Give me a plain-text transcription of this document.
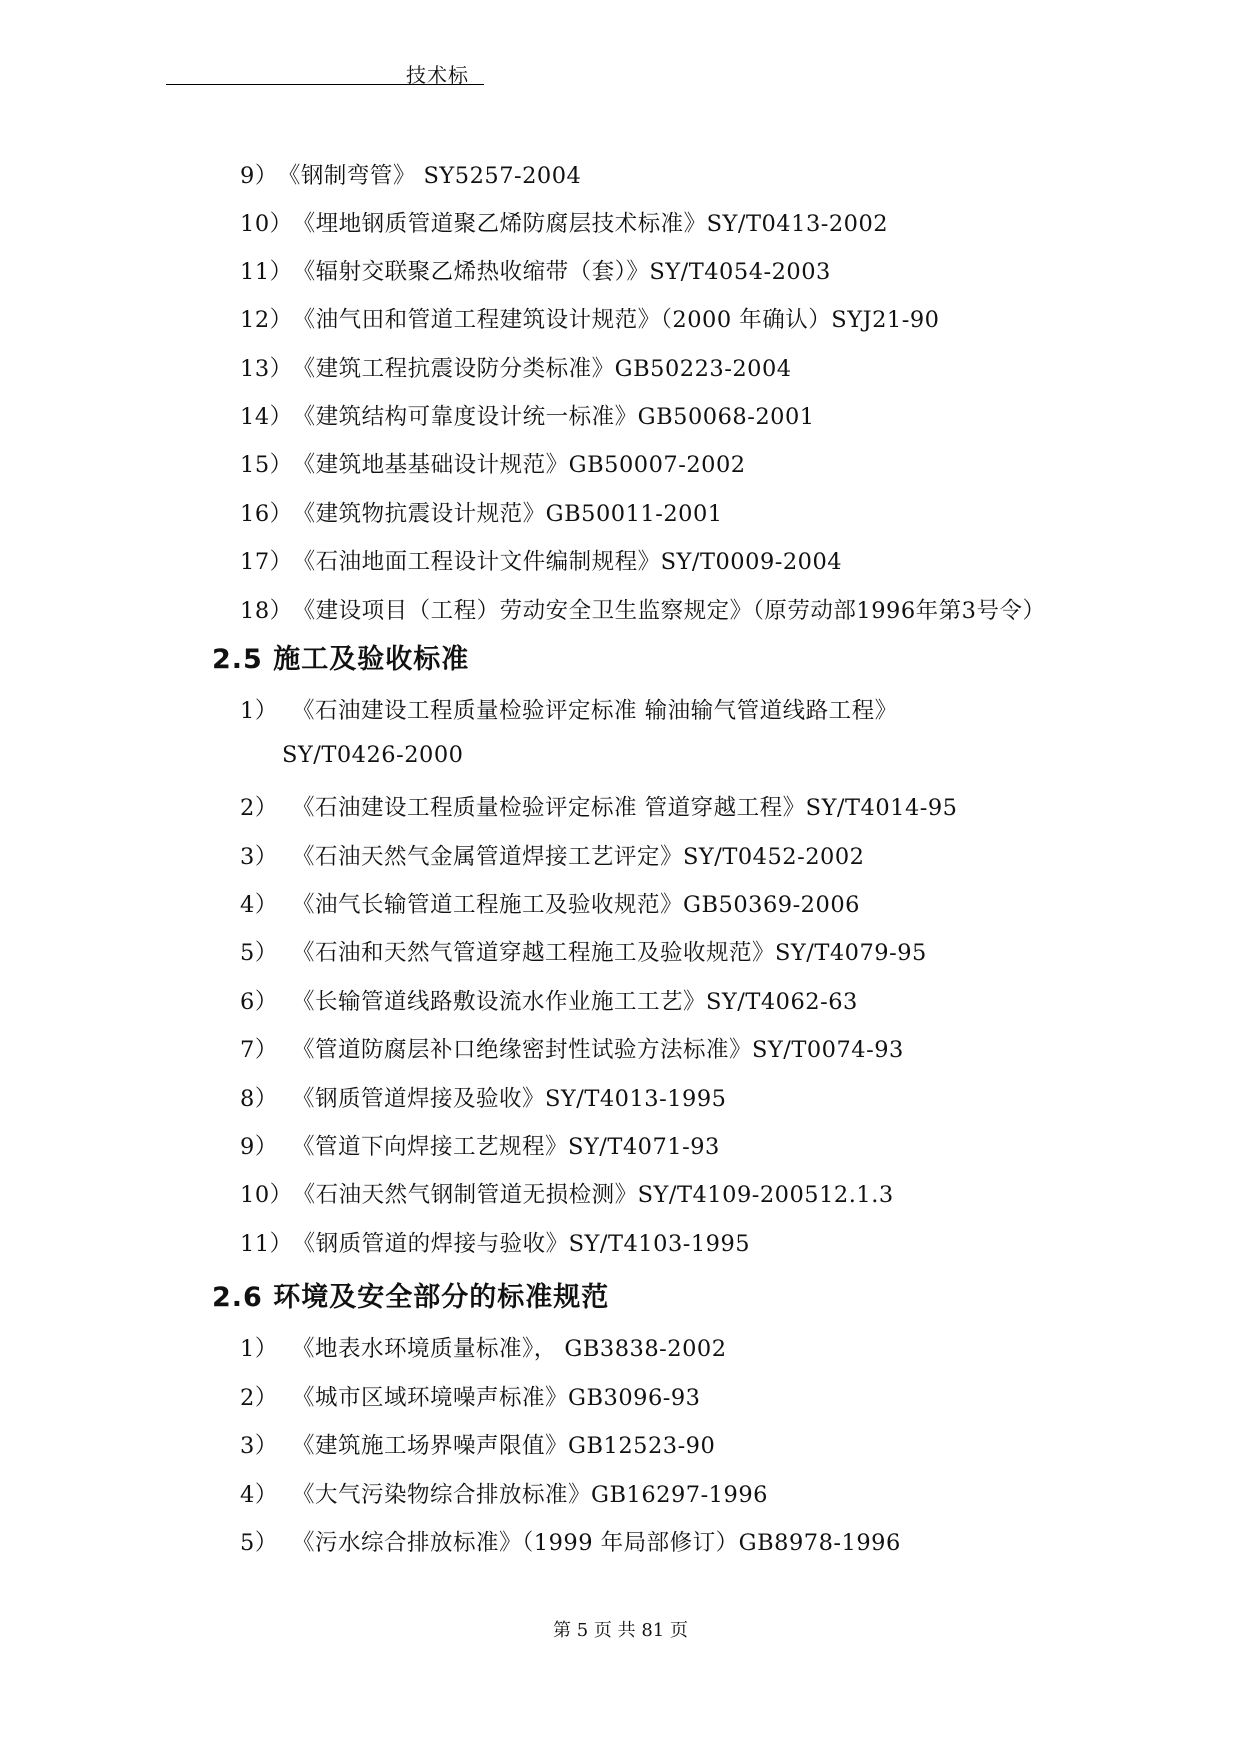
技术标
9）《钢制弯管》 SY5257-2004
10）《埋地钢质管道聚乙烯防腐层技术标准》SY/T0413-2002
11）《辐射交联聚乙烯热收缩带（套）》SY/T4054-2003
12）《油气田和管道工程建筑设计规范》（2000 年确认）SYJ21-90
13）《建筑工程抗震设防分类标准》GB50223-2004
14）《建筑结构可靠度设计统一标准》GB50068-2001
15）《建筑地基基础设计规范》GB50007-2002
16）《建筑物抗震设计规范》GB50011-2001
17）《石油地面工程设计文件编制规程》SY/T0009-2004
18）《建设项目（工程）劳动安全卫生监察规定》（原劳动部1996年第3号令）
2.5 施工及验收标准
1） 《石油建设工程质量检验评定标准 输油输气管道线路工程》
SY/T0426-2000
2） 《石油建设工程质量检验评定标准 管道穿越工程》SY/T4014-95
3） 《石油天然气金属管道焊接工艺评定》SY/T0452-2002
4） 《油气长输管道工程施工及验收规范》GB50369-2006
5） 《石油和天然气管道穿越工程施工及验收规范》SY/T4079-95
6） 《长输管道线路敷设流水作业施工工艺》SY/T4062-63
7） 《管道防腐层补口绝缘密封性试验方法标准》SY/T0074-93
8） 《钢质管道焊接及验收》SY/T4013-1995
9） 《管道下向焊接工艺规程》SY/T4071-93
10）《石油天然气钢制管道无损检测》SY/T4109-200512.1.3
11）《钢质管道的焊接与验收》SY/T4103-1995
2.6 环境及安全部分的标准规范
1） 《地表水环境质量标准》， GB3838-2002
2） 《城市区域环境噪声标准》GB3096-93
3） 《建筑施工场界噪声限值》GB12523-90
4） 《大气污染物综合排放标准》GB16297-1996
5） 《污水综合排放标准》（1999 年局部修订）GB8978-1996
第 5 页 共 81 页
